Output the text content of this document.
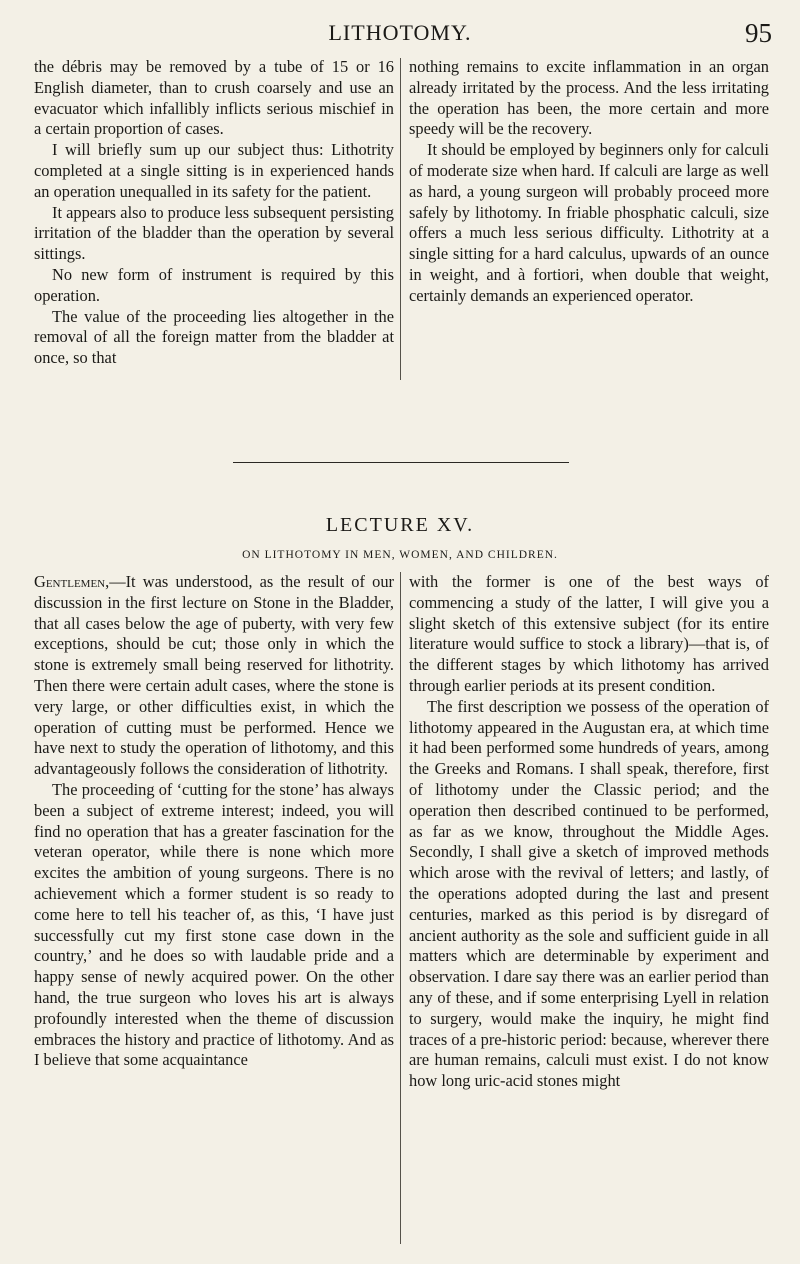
LITHOTOMY.	95

the débris may be removed by a tube of 15 or 16 English diameter, than to crush coarsely and use an evacuator which infallibly inflicts serious mischief in a certain proportion of cases.

I will briefly sum up our subject thus: Lithotrity completed at a single sitting is in experienced hands an operation unequalled in its safety for the patient.

It appears also to produce less subsequent persisting irritation of the bladder than the operation by several sittings.

No new form of instrument is required by this operation.

The value of the proceeding lies altogether in the removal of all the foreign matter from the bladder at once, so that

nothing remains to excite inflammation in an organ already irritated by the process. And the less irritating the operation has been, the more certain and more speedy will be the recovery.

It should be employed by beginners only for calculi of moderate size when hard. If calculi are large as well as hard, a young surgeon will probably proceed more safely by lithotomy. In friable phosphatic calculi, size offers a much less serious difficulty. Lithotrity at a single sitting for a hard calculus, upwards of an ounce in weight, and à fortiori, when double that weight, certainly demands an experienced operator.

LECTURE XV.
ON LITHOTOMY IN MEN, WOMEN, AND CHILDREN.

Gentlemen,—It was understood, as the result of our discussion in the first lecture on Stone in the Bladder, that all cases below the age of puberty, with very few exceptions, should be cut; those only in which the stone is extremely small being reserved for lithotrity. Then there were certain adult cases, where the stone is very large, or other difficulties exist, in which the operation of cutting must be performed. Hence we have next to study the operation of lithotomy, and this advantageously follows the consideration of lithotrity.

The proceeding of ‘cutting for the stone’ has always been a subject of extreme interest; indeed, you will find no operation that has a greater fascination for the veteran operator, while there is none which more excites the ambition of young surgeons. There is no achievement which a former student is so ready to come here to tell his teacher of, as this, ‘I have just successfully cut my first stone case down in the country,’ and he does so with laudable pride and a happy sense of newly acquired power. On the other hand, the true surgeon who loves his art is always profoundly interested when the theme of discussion embraces the history and practice of lithotomy. And as I believe that some acquaintance

with the former is one of the best ways of commencing a study of the latter, I will give you a slight sketch of this extensive subject (for its entire literature would suffice to stock a library)—that is, of the different stages by which lithotomy has arrived through earlier periods at its present condition.

The first description we possess of the operation of lithotomy appeared in the Augustan era, at which time it had been performed some hundreds of years, among the Greeks and Romans. I shall speak, therefore, first of lithotomy under the Classic period; and the operation then described continued to be performed, as far as we know, throughout the Middle Ages. Secondly, I shall give a sketch of improved methods which arose with the revival of letters; and lastly, of the operations adopted during the last and present centuries, marked as this period is by disregard of ancient authority as the sole and sufficient guide in all matters which are determinable by experiment and observation. I dare say there was an earlier period than any of these, and if some enterprising Lyell in relation to surgery, would make the inquiry, he might find traces of a pre-historic period: because, wherever there are human remains, calculi must exist. I do not know how long uric-acid stones might
